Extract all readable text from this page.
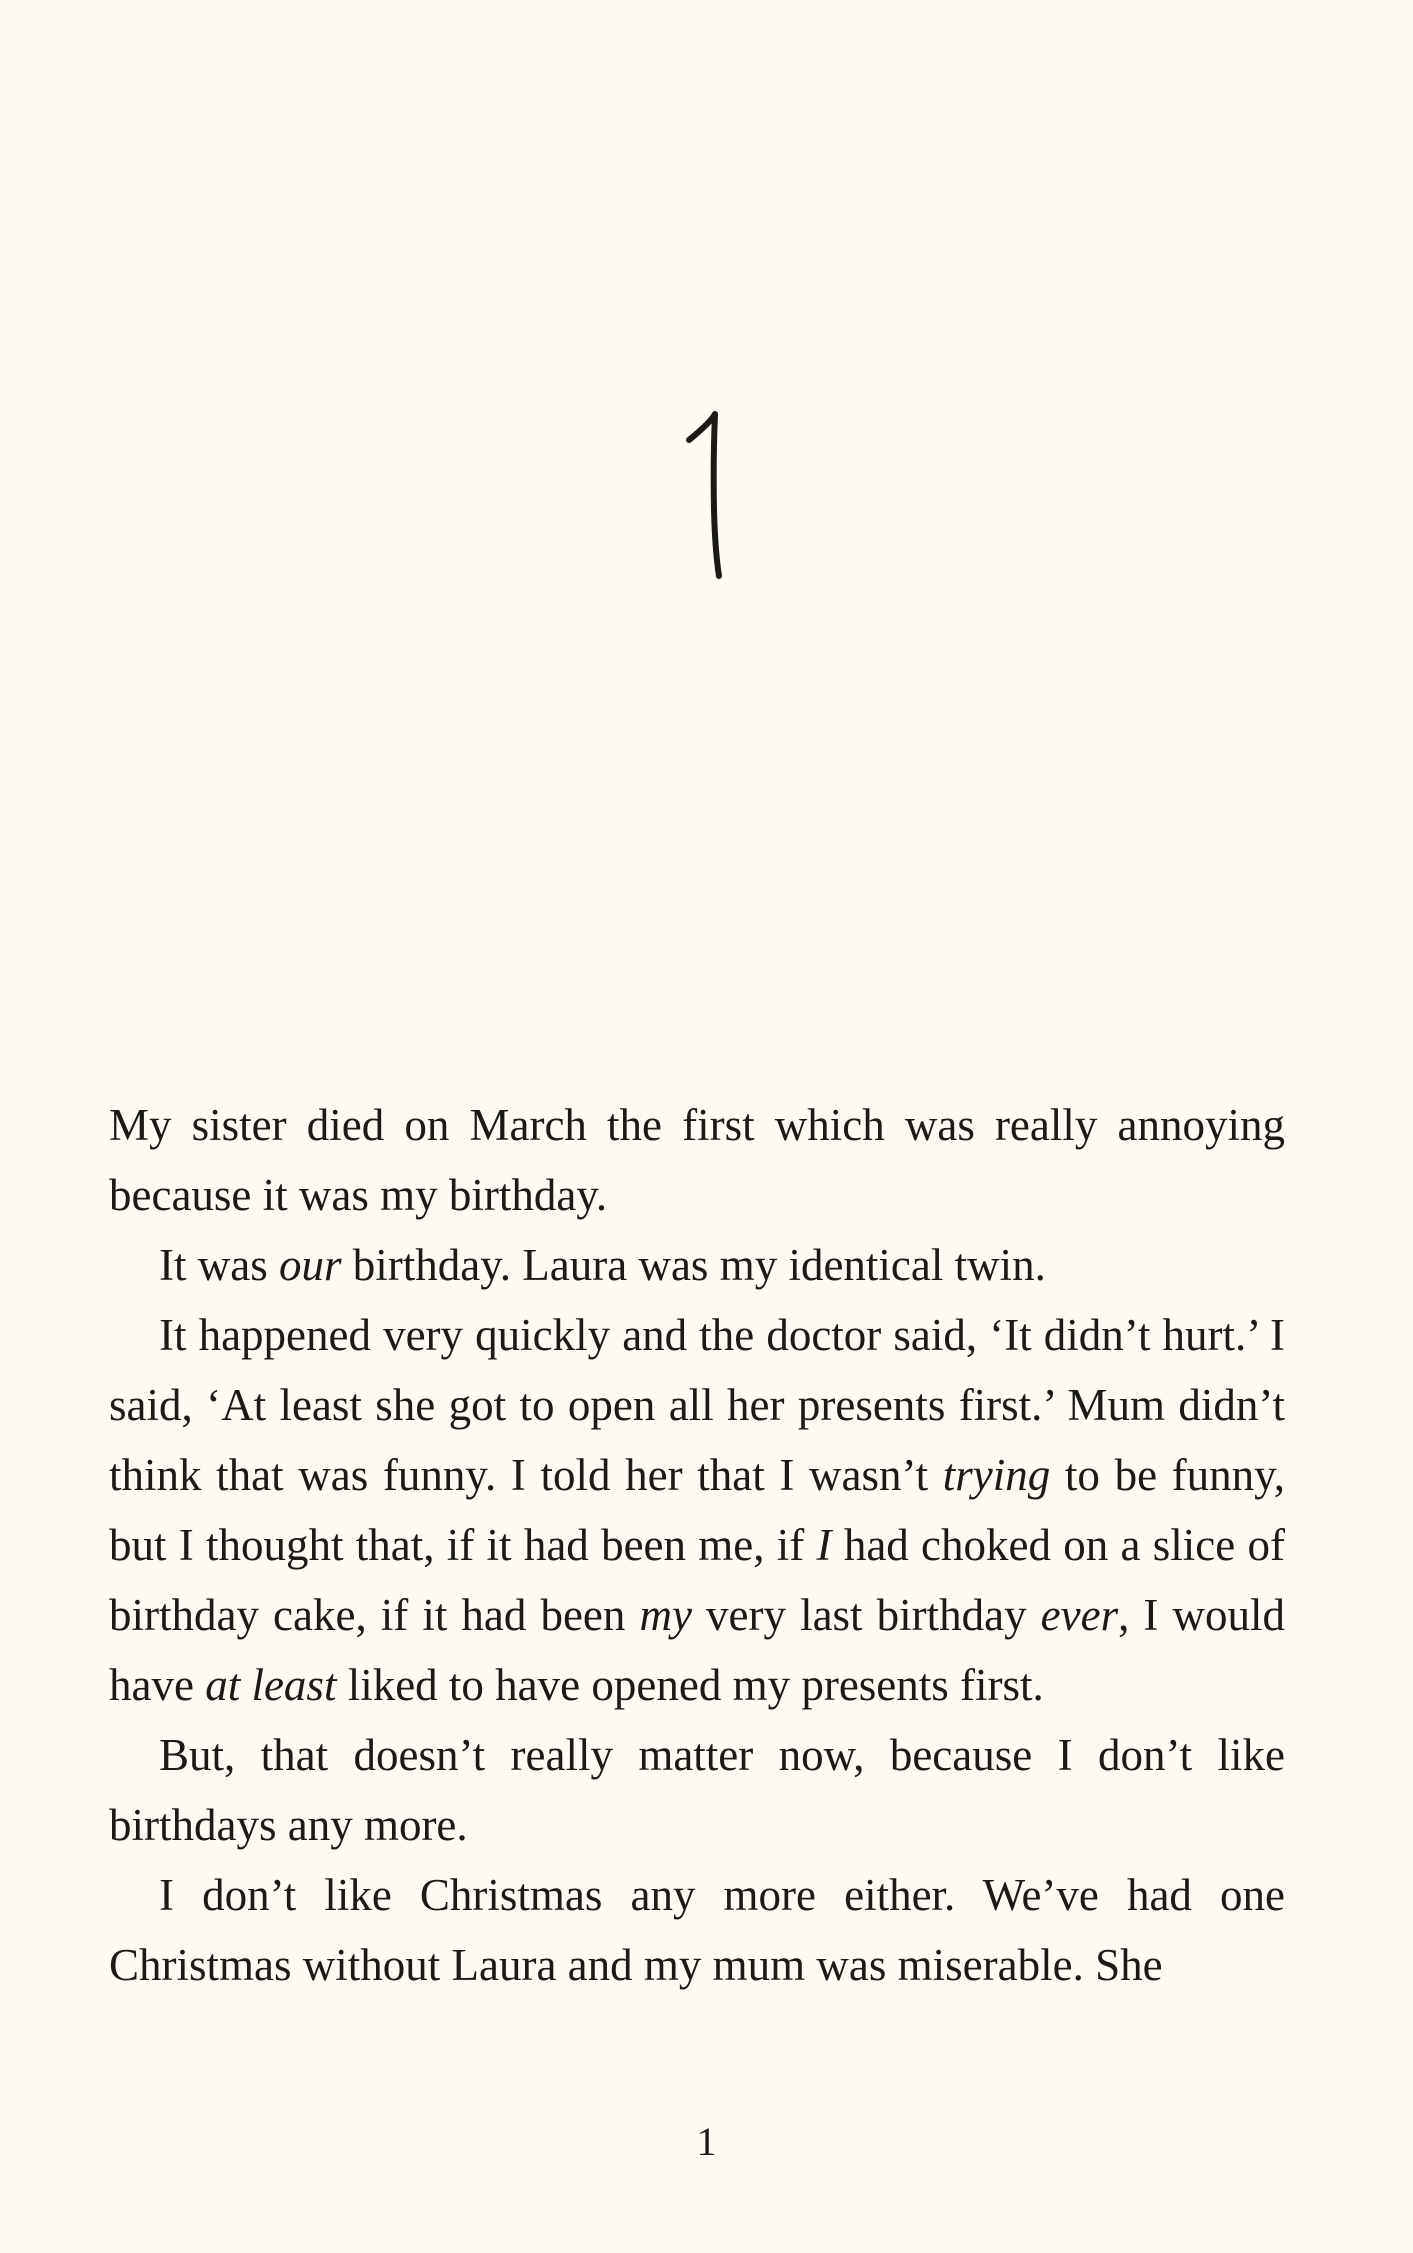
My sister died on March the first which was really annoying because it was my birthday.

It was our birthday. Laura was my identical twin.

It happened very quickly and the doctor said, ‘It didn’t hurt.’ I said, ‘At least she got to open all her presents first.’ Mum didn’t think that was funny. I told her that I wasn’t trying to be funny, but I thought that, if it had been me, if I had choked on a slice of birthday cake, if it had been my very last birthday ever, I would have at least liked to have opened my presents first.

But, that doesn’t really matter now, because I don’t like birthdays any more.

I don’t like Christmas any more either. We’ve had one Christmas without Laura and my mum was miserable. She

1
